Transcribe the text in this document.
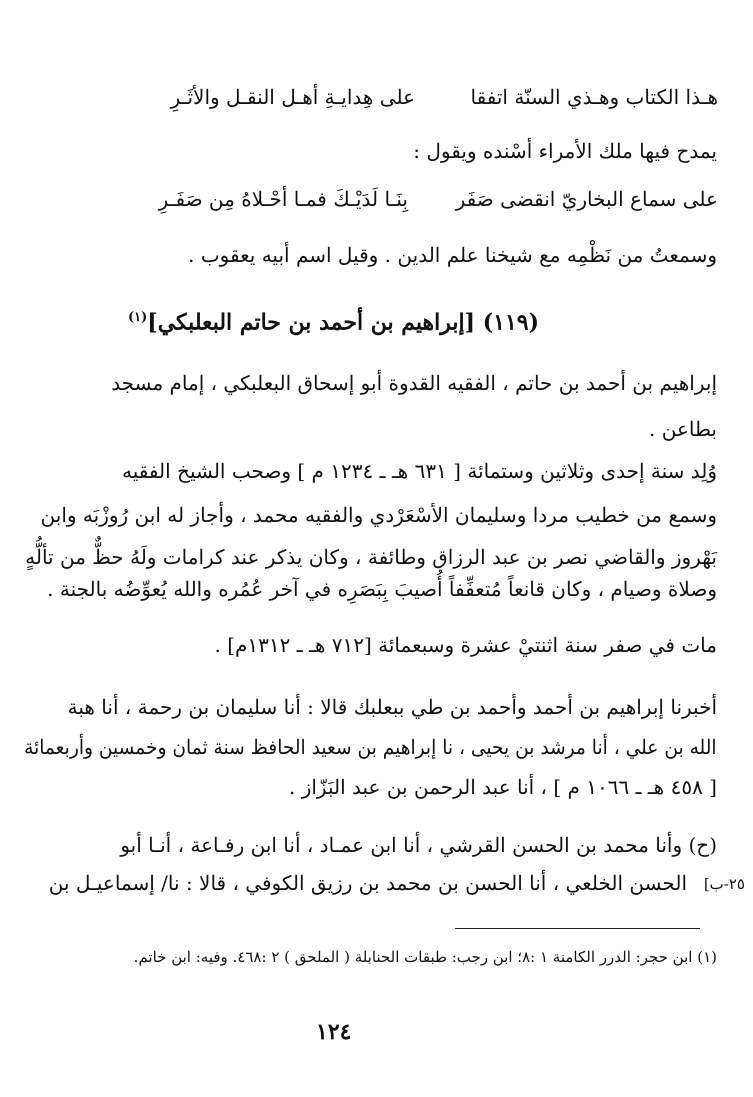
هـذا الكتاب وهـذي السنّة اتفقا
على هِدايـةِ أهـل النقـل والأثَـرِ
يمدح فيها ملك الأمراء أسْنده ويقول :
على سماع البخاريّ انقضى صَفَر
بِنَـا لَدَيْـكَ فمـا أحْـلاهُ مِن صَفَـرِ
وسمعتُ من نَظْمِه مع شيخنا علم الدين . وقيل اسم أبيه يعقوب .
(١١٩) [إبراهيم بن أحمد بن حاتم البعلبكي]$^{(١)}$
إبراهيم بن أحمد بن حاتم ، الفقيه القدوة أبو إسحاق البعلبكي ، إمام مسجد
بطاعن .
وُلِد سنة إحدى وثلاثين وستمائة [ ٦٣١ هـ ـ ١٢٣٤ م ] وصحب الشيخ الفقيه
وسمع من خطيب مردا وسليمان الأسْعَرْدي والفقيه محمد ، وأجاز له ابن رُوزْبَه وابن
بَهْروز والقاضي نصر بن عبد الرزاق وطائفة ، وكان يذكر عند كرامات ولَهُ حظٌّ من تألُّهٍ
وصلاة وصيام ، وكان قانعاً مُتعفِّفاً أُصيبَ بِبَصَرِه في آخر عُمُره والله يُعوِّضُه بالجنة .
مات في صفر سنة اثنتيْ عشرة وسبعمائة [٧١٢ هـ ـ ١٣١٢م] .
أخبرنا إبراهيم بن أحمد وأحمد بن طي ببعلبك قالا : أنا سليمان بن رحمة ، أنا هبة
الله بن علي ، أنا مرشد بن يحيى ، نا إبراهيم بن سعيد الحافظ سنة ثمان وخمسين وأربعمائة
[ ٤٥٨ هـ ـ ١٠٦٦ م ] ، أنا عبد الرحمن بن عبد البَزّاز .
(ح) وأنا محمد بن الحسن القرشي ، أنا ابن عمـاد ، أنا ابن رفـاعة ، أنـا أبو
الحسن الخلعي ، أنا الحسن بن محمد بن رزيق الكوفي ، قالا : نا/ إسماعيـل بن [٢٥-ب
(١) ابن حجر: الدرر الكامنة ١ :٨؛ ابن رجب: طبقات الحنابلة ( الملحق ) ٢ :٤٦٨. وفيه: ابن خاتم.
١٢٤
